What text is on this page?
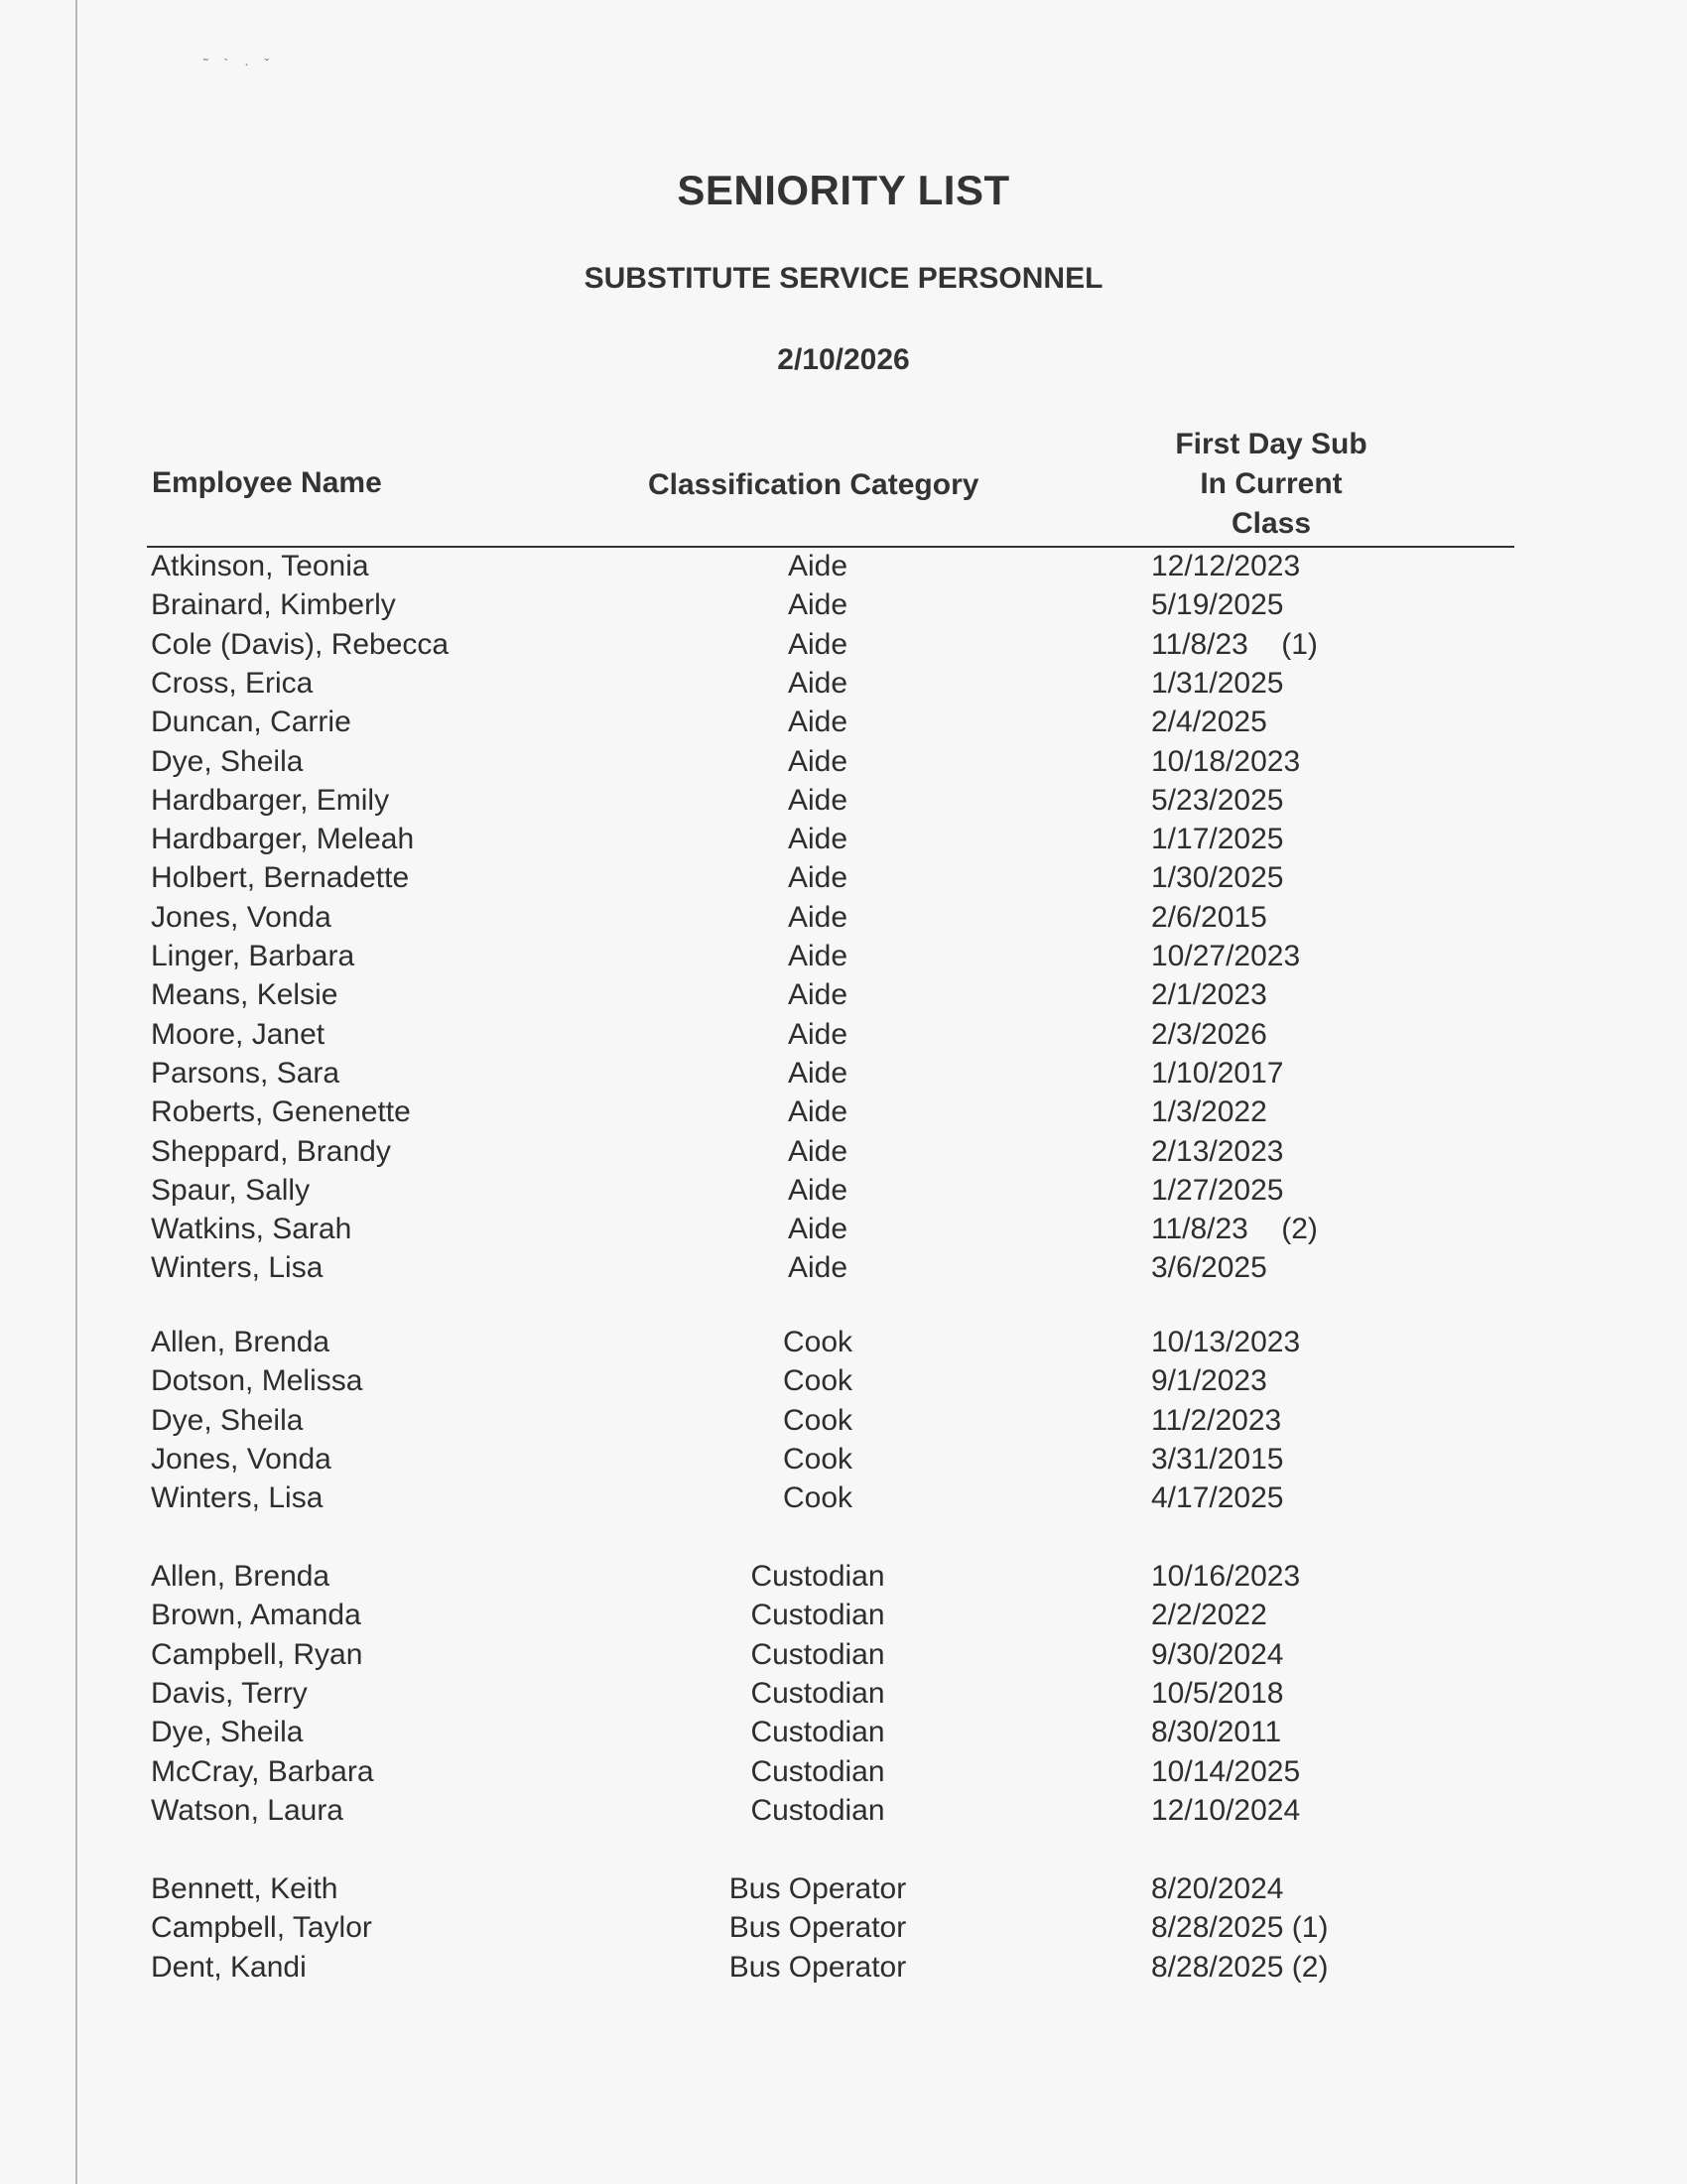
˜ ` · ˇ
SENIORITY LIST
SUBSTITUTE SERVICE PERSONNEL
2/10/2026
Employee Name	Classification Category
First Day Sub
In Current
Class
Atkinson, Teonia	Aide	12/12/2023
Brainard, Kimberly	Aide	5/19/2025
Cole (Davis), Rebecca	Aide	11/8/23    (1)
Cross, Erica	Aide	1/31/2025
Duncan, Carrie	Aide	2/4/2025
Dye, Sheila	Aide	10/18/2023
Hardbarger, Emily	Aide	5/23/2025
Hardbarger, Meleah	Aide	1/17/2025
Holbert, Bernadette	Aide	1/30/2025
Jones, Vonda	Aide	2/6/2015
Linger, Barbara	Aide	10/27/2023
Means, Kelsie	Aide	2/1/2023
Moore, Janet	Aide	2/3/2026
Parsons, Sara	Aide	1/10/2017
Roberts, Genenette	Aide	1/3/2022
Sheppard, Brandy	Aide	2/13/2023
Spaur, Sally	Aide	1/27/2025
Watkins, Sarah	Aide	11/8/23    (2)
Winters, Lisa	Aide	3/6/2025
Allen, Brenda	Cook	10/13/2023
Dotson, Melissa	Cook	9/1/2023
Dye, Sheila	Cook	11/2/2023
Jones, Vonda	Cook	3/31/2015
Winters, Lisa	Cook	4/17/2025
Allen, Brenda	Custodian	10/16/2023
Brown, Amanda	Custodian	2/2/2022
Campbell, Ryan	Custodian	9/30/2024
Davis, Terry	Custodian	10/5/2018
Dye, Sheila	Custodian	8/30/2011
McCray, Barbara	Custodian	10/14/2025
Watson, Laura	Custodian	12/10/2024
Bennett, Keith	Bus Operator	8/20/2024
Campbell, Taylor	Bus Operator	8/28/2025 (1)
Dent, Kandi	Bus Operator	8/28/2025 (2)
